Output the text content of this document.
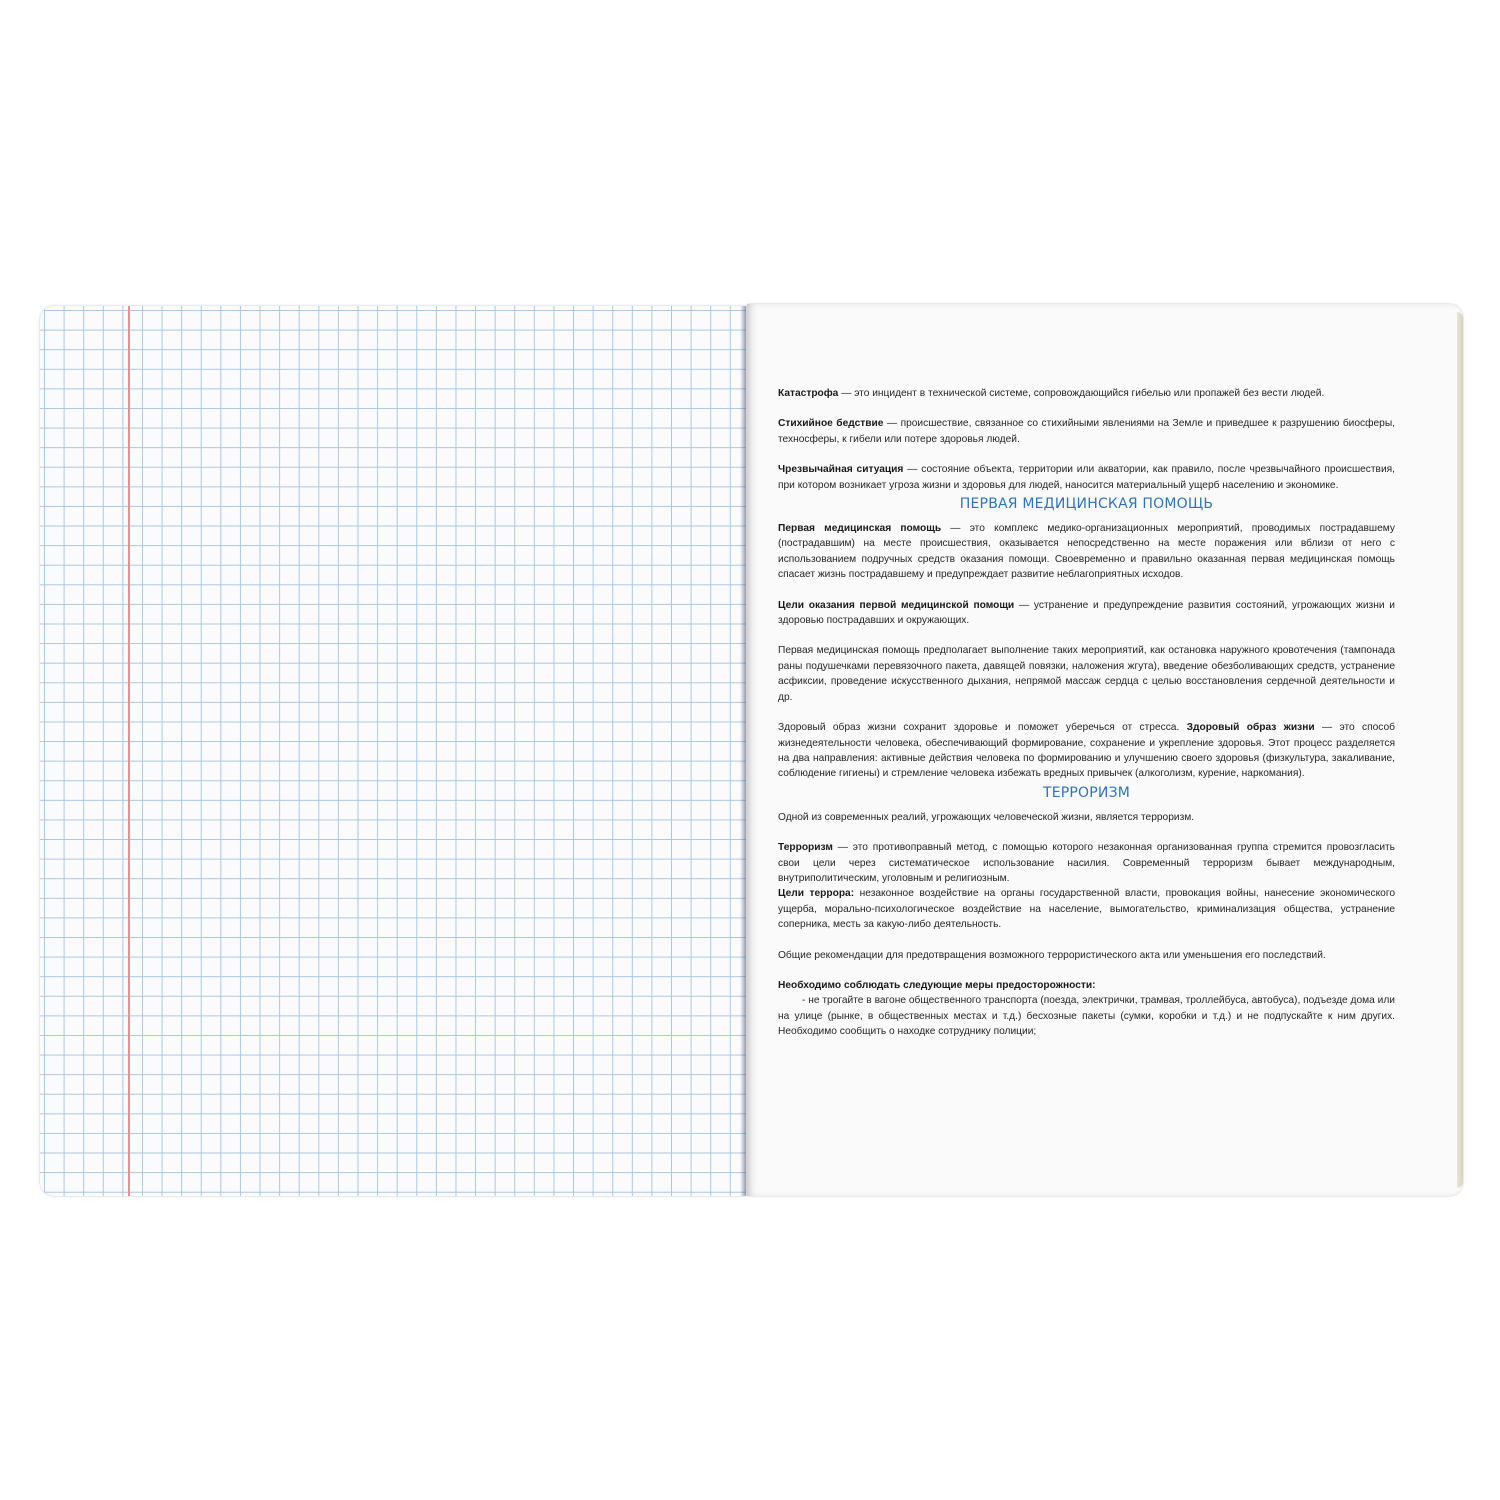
Катастрофа — это инцидент в технической системе, сопровождающийся гибелью или пропажей без вести людей.

Стихийное бедствие — происшествие, связанное со стихийными явлениями на Земле и приведшее к разрушению биосферы, техносферы, к гибели или потере здоровья людей.

Чрезвычайная ситуация — состояние объекта, территории или акватории, как правило, после чрезвычайного происшествия, при котором возникает угроза жизни и здоровья для людей, наносится материальный ущерб населению и экономике.

ПЕРВАЯ МЕДИЦИНСКАЯ ПОМОЩЬ

Первая медицинская помощь — это комплекс медико-организационных мероприятий, проводимых пострадавшему (пострадавшим) на месте происшествия, оказывается непосредственно на месте поражения или вблизи от него с использованием подручных средств оказания помощи. Своевременно и правильно оказанная первая медицинская помощь спасает жизнь пострадавшему и предупреждает развитие неблагоприятных исходов.

Цели оказания первой медицинской помощи — устранение и предупреждение развития состояний, угрожающих жизни и здоровью пострадавших и окружающих.

Первая медицинская помощь предполагает выполнение таких мероприятий, как остановка наружного кровотечения (тампонада раны подушечками перевязочного пакета, давящей повязки, наложения жгута), введение обезболивающих средств, устранение асфиксии, проведение искусственного дыхания, непрямой массаж сердца с целью восстановления сердечной деятельности и др.

Здоровый образ жизни сохранит здоровье и поможет уберечься от стресса. Здоровый образ жизни — это способ жизнедеятельности человека, обеспечивающий формирование, сохранение и укрепление здоровья. Этот процесс разделяется на два направления: активные действия человека по формированию и улучшению своего здоровья (физкультура, закаливание, соблюдение гигиены) и стремление человека избежать вредных привычек (алкоголизм, курение, наркомания).

ТЕРРОРИЗМ

Одной из современных реалий, угрожающих человеческой жизни, является терроризм.

Терроризм — это противоправный метод, с помощью которого незаконная организованная группа стремится провозгласить свои цели через систематическое использование насилия. Современный терроризм бывает международным, внутриполитическим, уголовным и религиозным.

Цели террора: незаконное воздействие на органы государственной власти, провокация войны, нанесение экономического ущерба, морально-психологическое воздействие на население, вымогательство, криминализация общества, устранение соперника, месть за какую-либо деятельность.

Общие рекомендации для предотвращения возможного террористического акта или уменьшения его последствий.

Необходимо соблюдать следующие меры предосторожности:

- не трогайте в вагоне общественного транспорта (поезда, электрички, трамвая, троллейбуса, автобуса), подъезде дома или на улице (рынке, в общественных местах и т.д.) бесхозные пакеты (сумки, коробки и т.д.) и не подпускайте к ним других. Необходимо сообщить о находке сотруднику полиции;
